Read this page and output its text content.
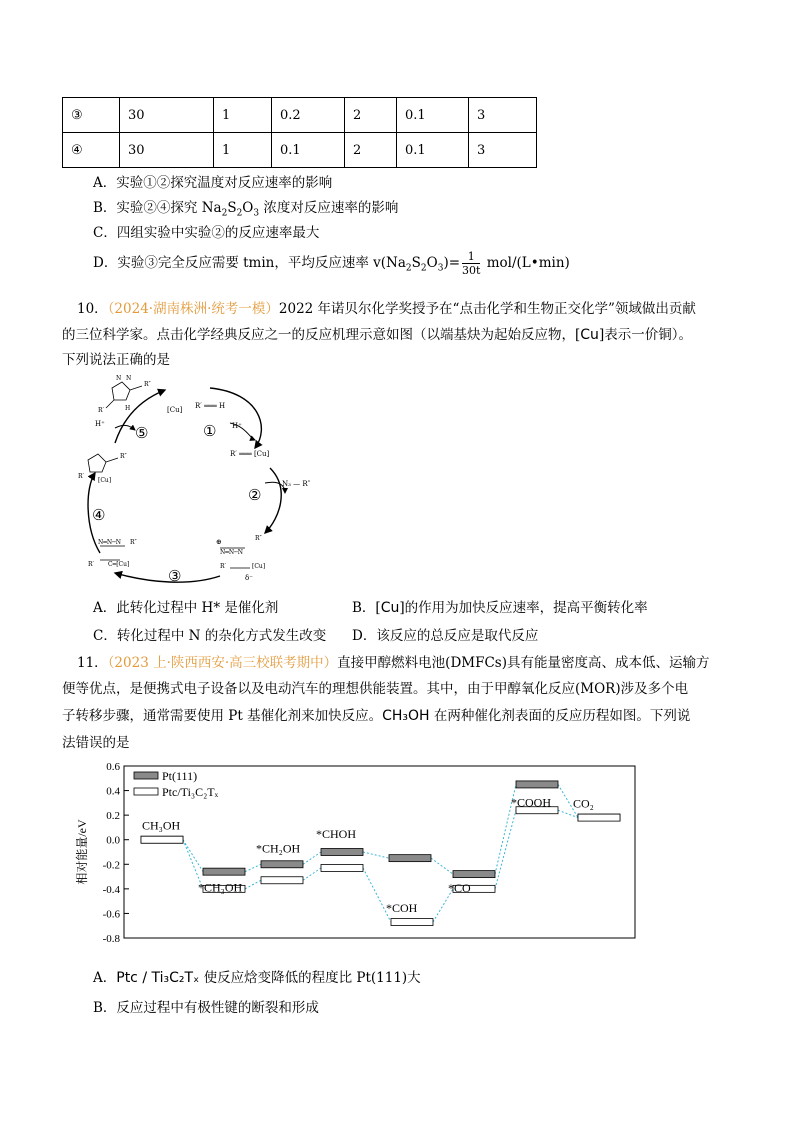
③	30	1	0.2	2	0.1	3
④	30	1	0.1	2	0.1	3
A．实验①②探究温度对反应速率的影响
B．实验②④探究 $Na_2S_2O_3$ 浓度对反应速率的影响
C．四组实验中实验②的反应速率最大
D．实验③完全反应需要 tmin，平均反应速率 $v(Na_2S_2O_3)= \frac{1}{30t}$ mol/(L•min)
10．（2024·湖南株洲·统考一模）2022 年诺贝尔化学奖授予在“点击化学和生物正交化学”领域做出贡献
的三位科学家。点击化学经典反应之一的反应机理示意如图（以端基炔为起始反应物，[Cu]表示一价铜）。
下列说法正确的是
①
②
③
④
⑤
[Cu]
H⁺
R′ ═══ H
R′ ═══ [Cu]
N₃ — R″
H⁺
⊕
δ⁻
N N
R″
R′	H
R″
R′
[Cu]
N═N─N R″
R′ C═[Cu]
N═N─N
R″
R′	[Cu]
A．此转化过程中 H* 是催化剂	B．[Cu]的作用为加快反应速率，提高平衡转化率
C．转化过程中 N 的杂化方式发生改变 D．该反应的总反应是取代反应
11．（2023 上·陕西西安·高三校联考期中）直接甲醇燃料电池(DMFCs)具有能量密度高、成本低、运输方
便等优点，是便携式电子设备以及电动汽车的理想供能装置。其中，由于甲醇氧化反应(MOR)涉及多个电
子转移步骤，通常需要使用 Pt 基催化剂来加快反应。CH₃OH 在两种催化剂表面的反应历程如图。下列说
法错误的是
相对能量/eV
0.6
0.4
0.2
0.0
-0.2
-0.4
-0.6
-0.8
CH₃OH
*CH₃OH
*CH₂OH
*CHOH
*COH
*CO
*COOH CO₂
Pt(111)
Ptc/Ti₃C₂Tₓ
A．Ptc / Ti₃C₂Tₓ 使反应焓变降低的程度比 Pt(111)大
B．反应过程中有极性键的断裂和形成
